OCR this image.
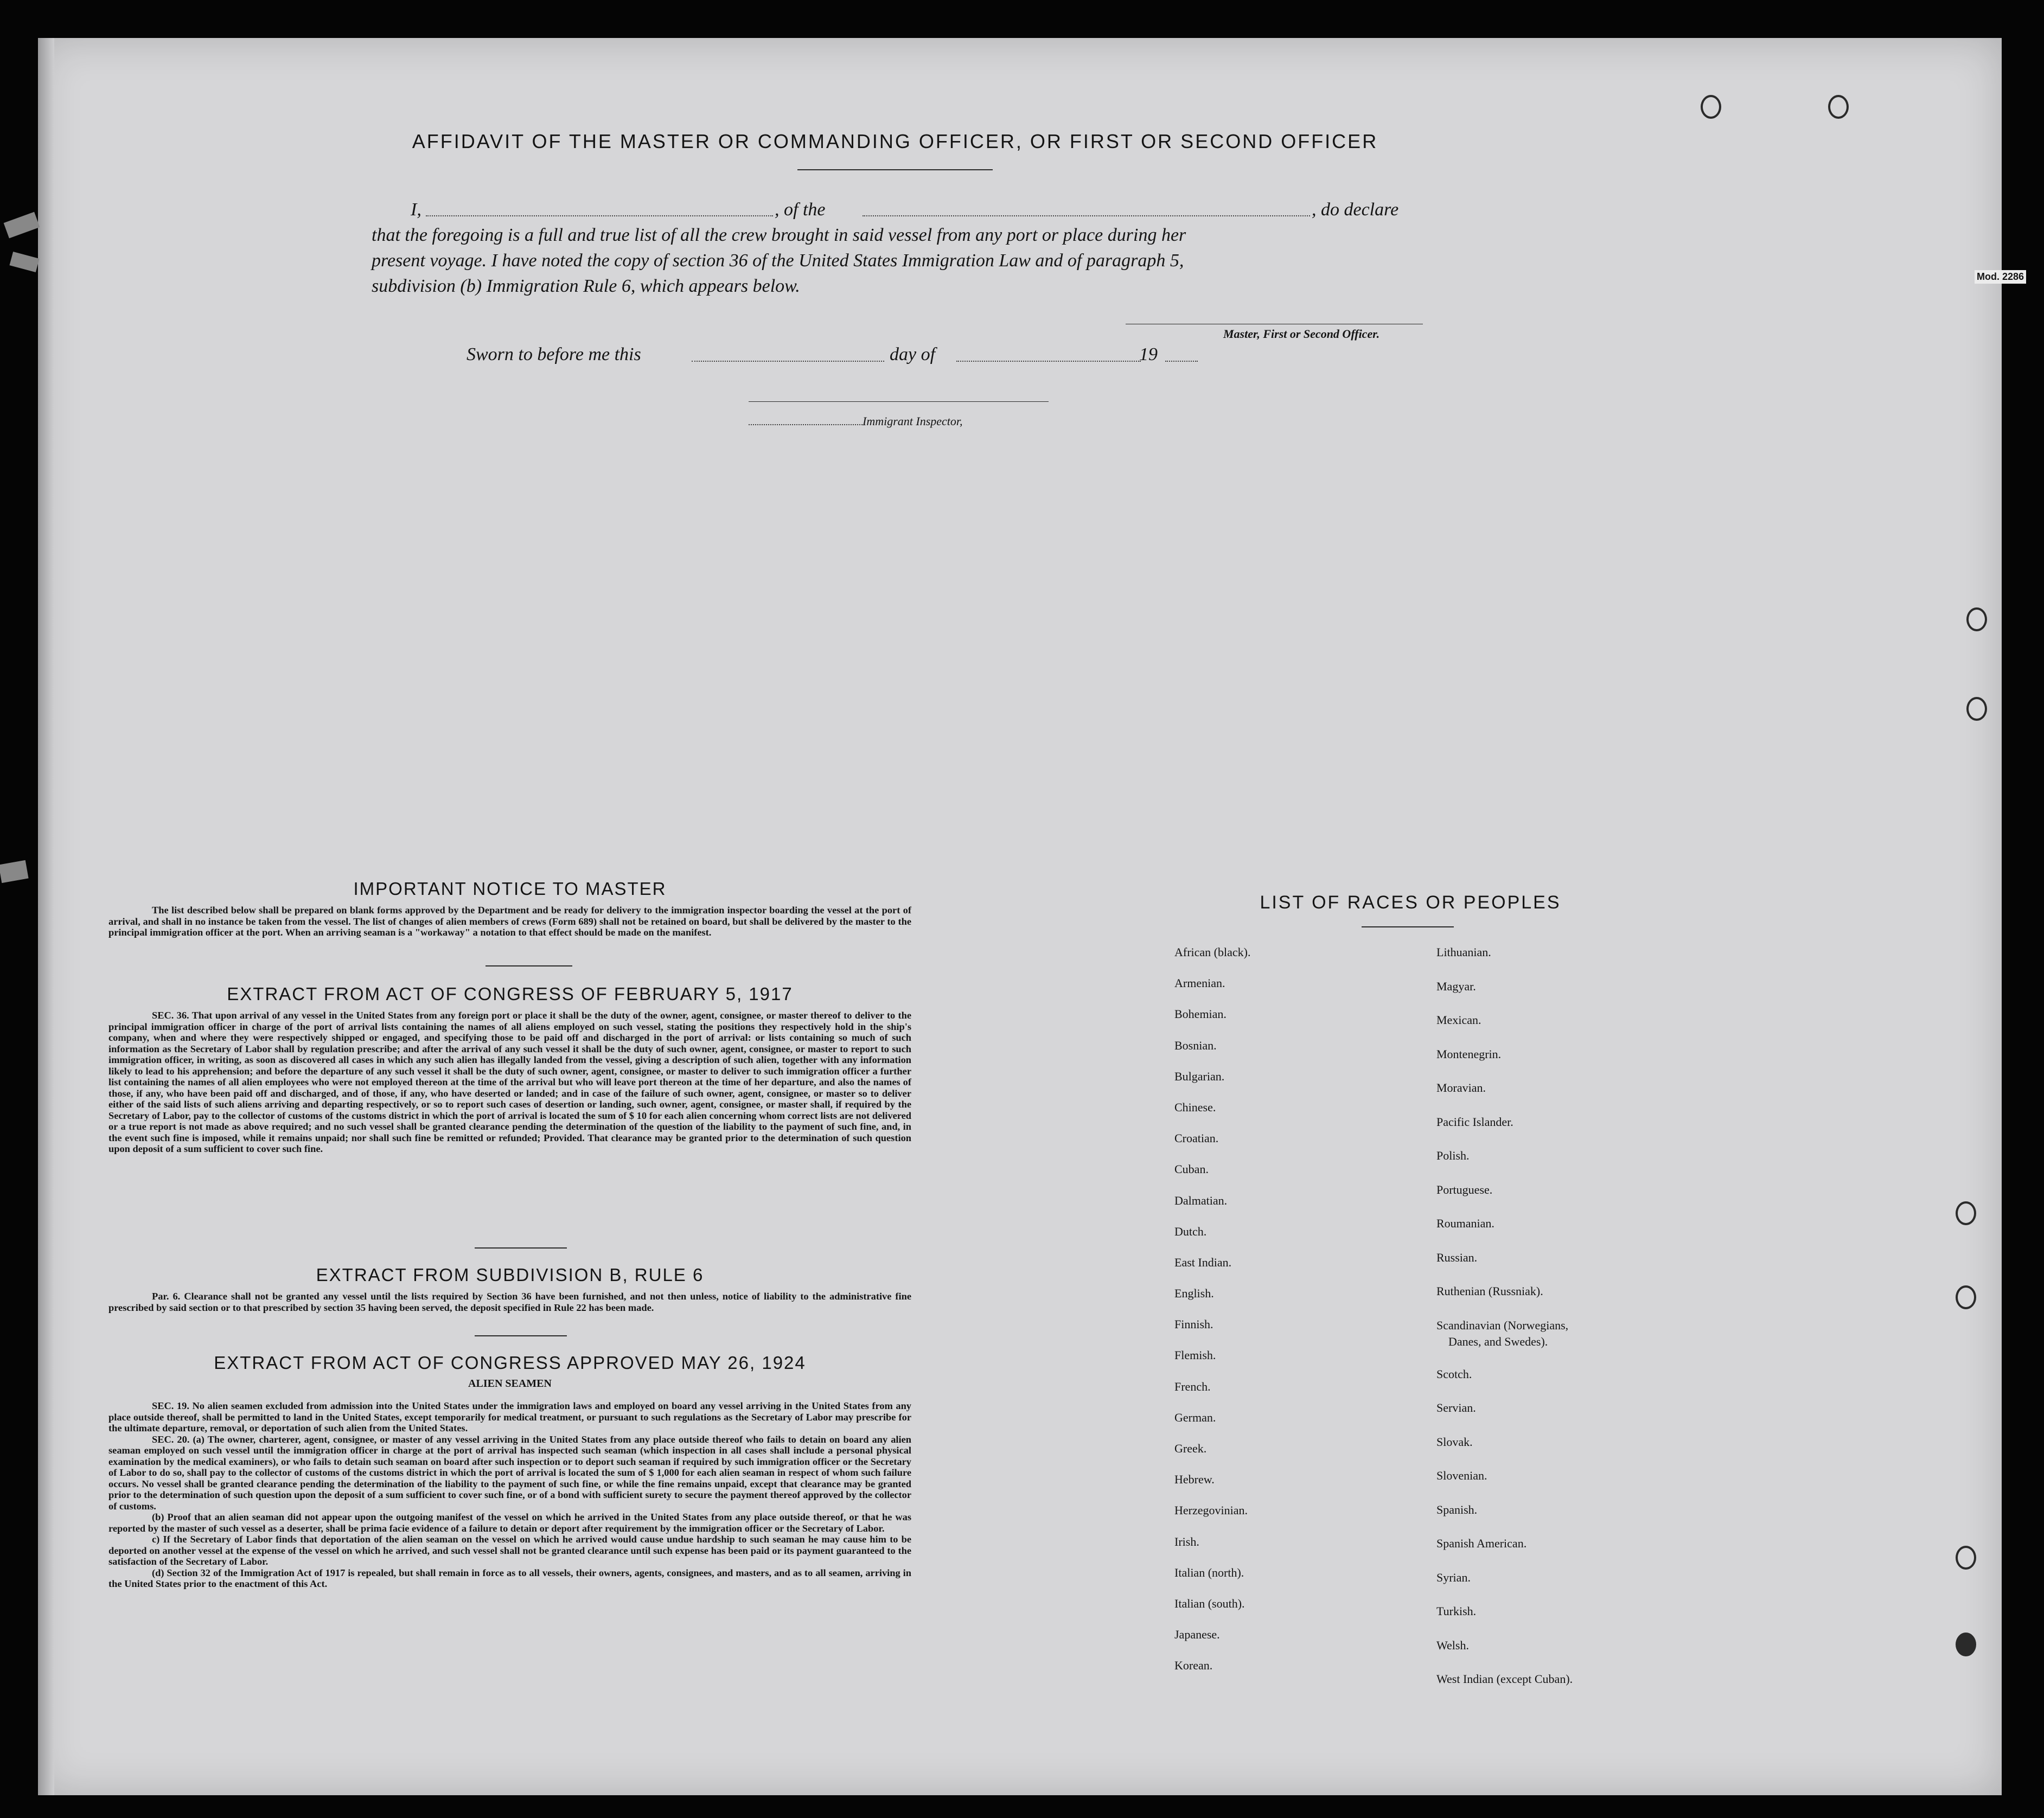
Mod. 2286
AFFIDAVIT OF THE MASTER OR COMMANDING OFFICER, OR FIRST OR SECOND OFFICER
I,	, of the	, do declare
that the foregoing is a full and true list of all the crew brought in said vessel from any port or place during her
present voyage. I have noted the copy of section 36 of the United States Immigration Law and of paragraph 5,
subdivision (b) Immigration Rule 6, which appears below.
Master, First or Second Officer.
Sworn to before me this	day of	19
Immigrant Inspector,
IMPORTANT NOTICE TO MASTER

The list described below shall be prepared on blank forms approved by the Department and be ready for delivery to the immigration inspector boarding the vessel at the port of arrival, and shall in no instance be taken from the vessel. The list of changes of alien members of crews (Form 689) shall not be retained on board, but shall be delivered by the master to the principal immigration officer at the port. When an arriving seaman is a "workaway" a notation to that effect should be made on the manifest.

EXTRACT FROM ACT OF CONGRESS OF FEBRUARY 5, 1917

SEC. 36. That upon arrival of any vessel in the United States from any foreign port or place it shall be the duty of the owner, agent, consignee, or master thereof to deliver to the principal immigration officer in charge of the port of arrival lists containing the names of all aliens employed on such vessel, stating the positions they respectively hold in the ship's company, when and where they were respectively shipped or engaged, and specifying those to be paid off and discharged in the port of arrival: or lists containing so much of such information as the Secretary of Labor shall by regulation prescribe; and after the arrival of any such vessel it shall be the duty of such owner, agent, consignee, or master to report to such immigration officer, in writing, as soon as discovered all cases in which any such alien has illegally landed from the vessel, giving a description of such alien, together with any information likely to lead to his apprehension; and before the departure of any such vessel it shall be the duty of such owner, agent, consignee, or master to deliver to such immigration officer a further list containing the names of all alien employees who were not employed thereon at the time of the arrival but who will leave port thereon at the time of her departure, and also the names of those, if any, who have been paid off and discharged, and of those, if any, who have deserted or landed; and in case of the failure of such owner, agent, consignee, or master so to deliver either of the said lists of such aliens arriving and departing respectively, or so to report such cases of desertion or landing, such owner, agent, consignee, or master shall, if required by the Secretary of Labor, pay to the collector of customs of the customs district in which the port of arrival is located the sum of $ 10 for each alien concerning whom correct lists are not delivered or a true report is not made as above required; and no such vessel shall be granted clearance pending the determination of the question of the liability to the payment of such fine, and, in the event such fine is imposed, while it remains unpaid; nor shall such fine be remitted or refunded; Provided. That clearance may be granted prior to the determination of such question upon deposit of a sum sufficient to cover such fine.

EXTRACT FROM SUBDIVISION B, RULE 6

Par. 6. Clearance shall not be granted any vessel until the lists required by Section 36 have been furnished, and not then unless, notice of liability to the administrative fine prescribed by said section or to that prescribed by section 35 having been served, the deposit specified in Rule 22 has been made.

EXTRACT FROM ACT OF CONGRESS APPROVED MAY 26, 1924
ALIEN SEAMEN

SEC. 19. No alien seamen excluded from admission into the United States under the immigration laws and employed on board any vessel arriving in the United States from any place outside thereof, shall be permitted to land in the United States, except temporarily for medical treatment, or pursuant to such regulations as the Secretary of Labor may prescribe for the ultimate departure, removal, or deportation of such alien from the United States.

SEC. 20. (a) The owner, charterer, agent, consignee, or master of any vessel arriving in the United States from any place outside thereof who fails to detain on board any alien seaman employed on such vessel until the immigration officer in charge at the port of arrival has inspected such seaman (which inspection in all cases shall include a personal physical examination by the medical examiners), or who fails to detain such seaman on board after such inspection or to deport such seaman if required by such immigration officer or the Secretary of Labor to do so, shall pay to the collector of customs of the customs district in which the port of arrival is located the sum of $ 1,000 for each alien seaman in respect of whom such failure occurs. No vessel shall be granted clearance pending the determination of the liability to the payment of such fine, or while the fine remains unpaid, except that clearance may be granted prior to the determination of such question upon the deposit of a sum sufficient to cover such fine, or of a bond with sufficient surety to secure the payment thereof approved by the collector of customs.

(b) Proof that an alien seaman did not appear upon the outgoing manifest of the vessel on which he arrived in the United States from any place outside thereof, or that he was reported by the master of such vessel as a deserter, shall be prima facie evidence of a failure to detain or deport after requirement by the immigration officer or the Secretary of Labor.

c) If the Secretary of Labor finds that deportation of the alien seaman on the vessel on which he arrived would cause undue hardship to such seaman he may cause him to be deported on another vessel at the expense of the vessel on which he arrived, and such vessel shall not be granted clearance until such expense has been paid or its payment guaranteed to the satisfaction of the Secretary of Labor.

(d) Section 32 of the Immigration Act of 1917 is repealed, but shall remain in force as to all vessels, their owners, agents, consignees, and masters, and as to all seamen, arriving in the United States prior to the enactment of this Act.

LIST OF RACES OR PEOPLES
African (black).
Armenian.
Bohemian.
Bosnian.
Bulgarian.
Chinese.
Croatian.
Cuban.
Dalmatian.
Dutch.
East Indian.
English.
Finnish.
Flemish.
French.
German.
Greek.
Hebrew.
Herzegovinian.
Irish.
Italian (north).
Italian (south).
Japanese.
Korean.
Lithuanian.
Magyar.
Mexican.
Montenegrin.
Moravian.
Pacific Islander.
Polish.
Portuguese.
Roumanian.
Russian.
Ruthenian (Russniak).
Scandinavian (Norwegians,
Danes, and Swedes).
Scotch.
Servian.
Slovak.
Slovenian.
Spanish.
Spanish American.
Syrian.
Turkish.
Welsh.
West Indian (except Cuban).
